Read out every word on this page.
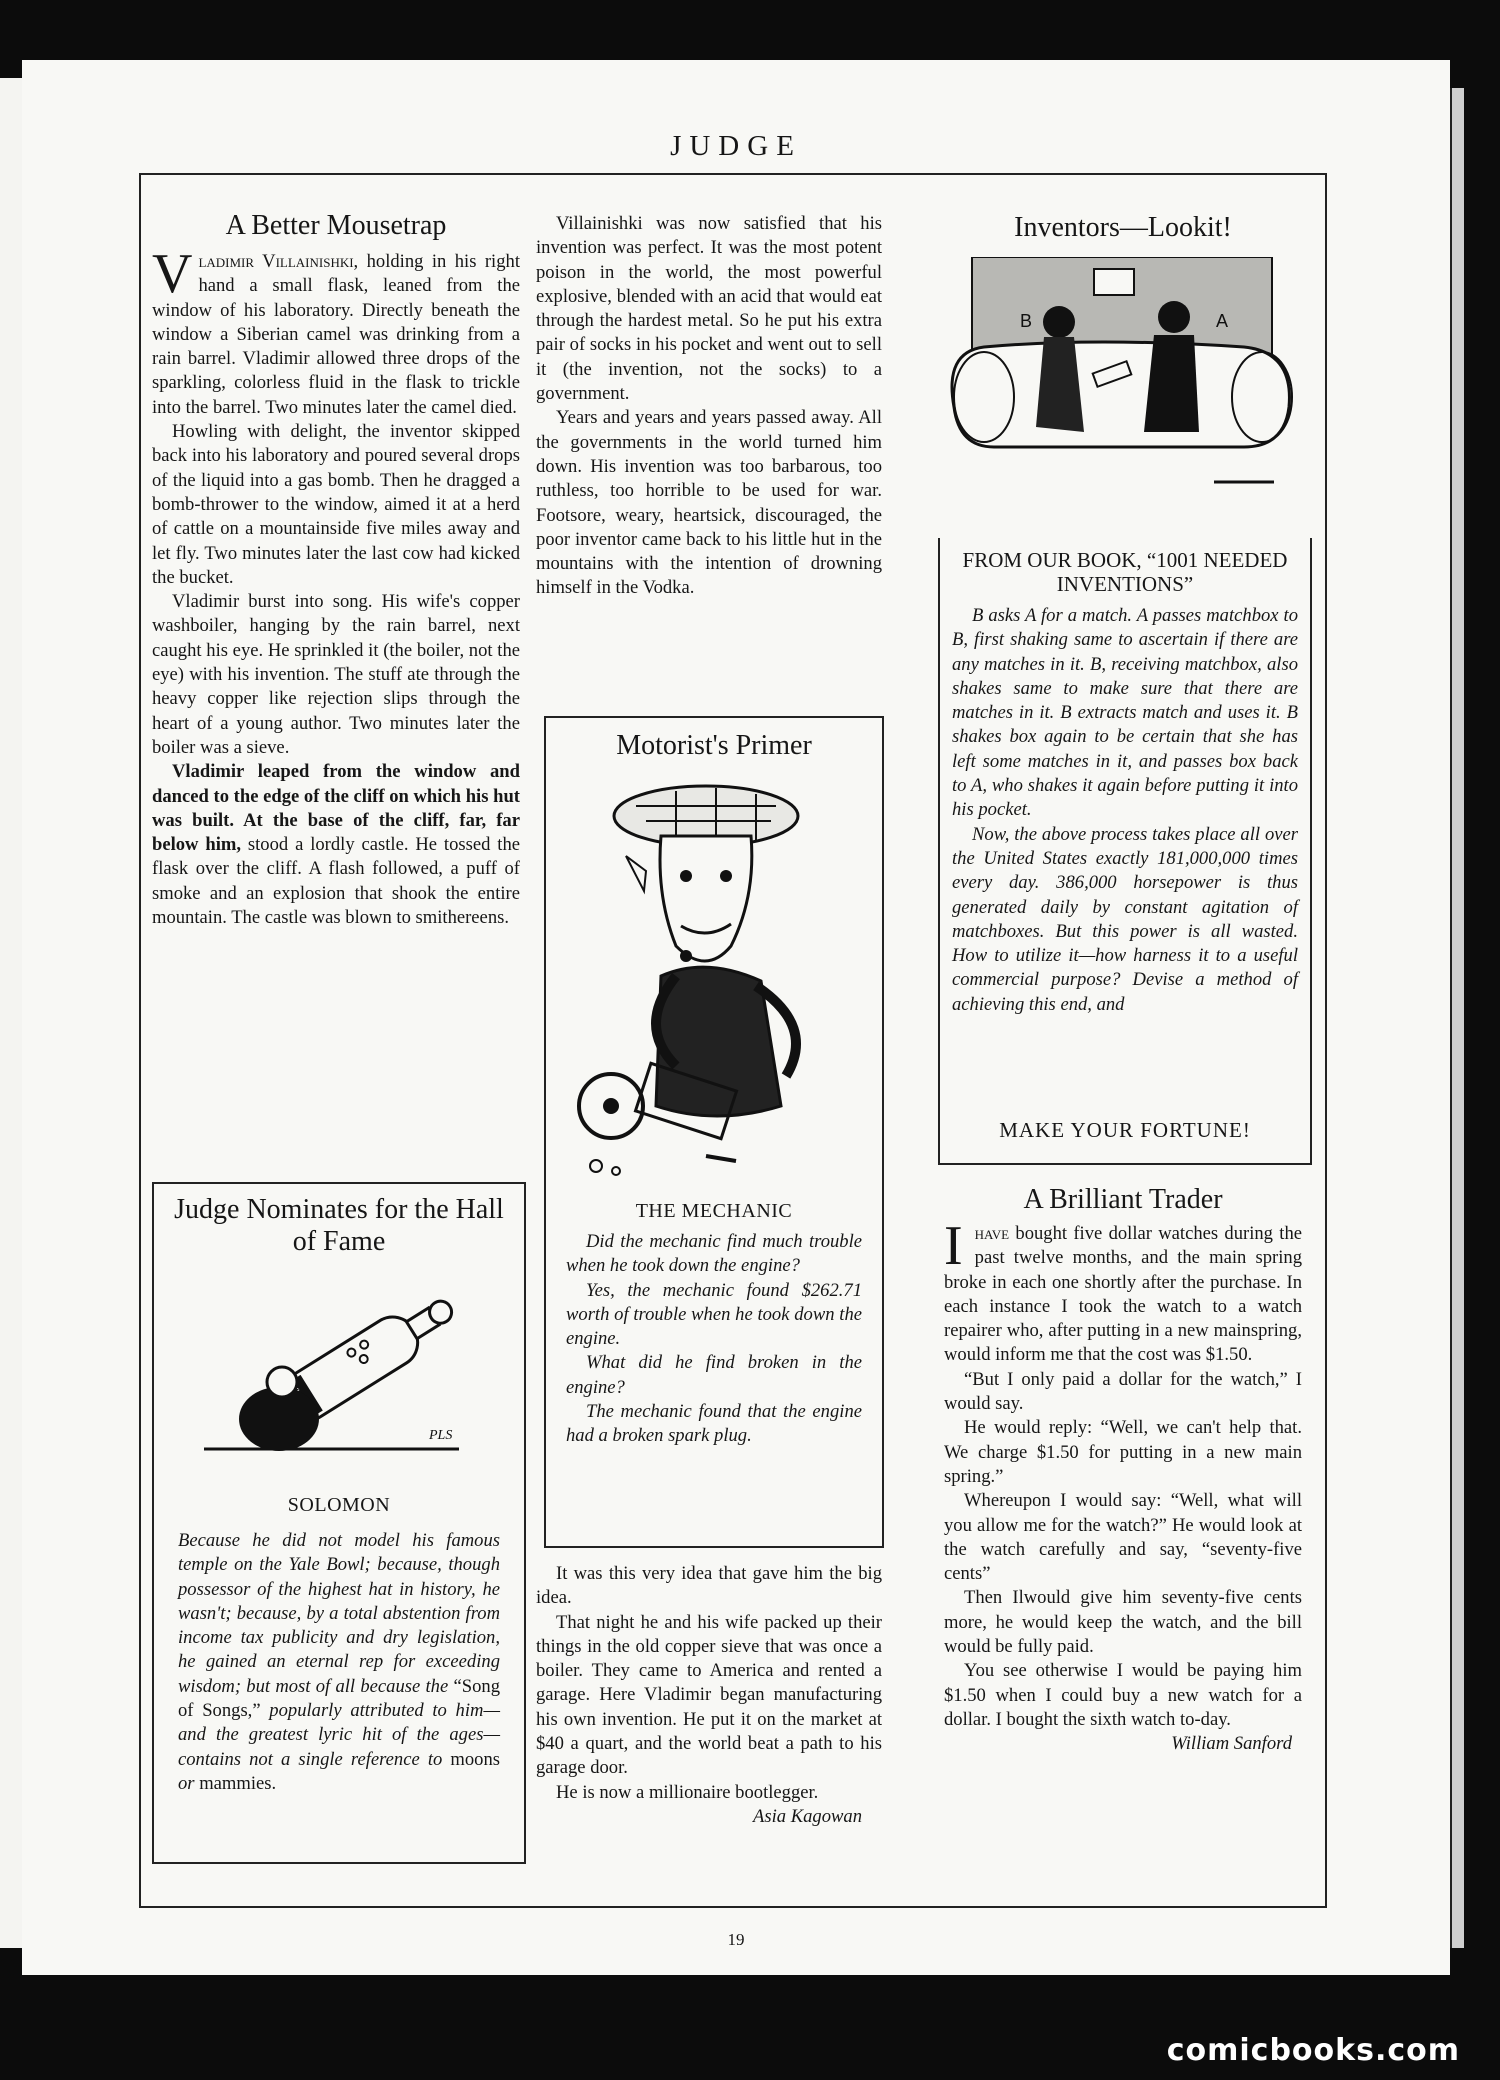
JUDGE
A Better Mousetrap

V ladimir Villainishki, holding in his right hand a small flask, leaned from the window of his laboratory. Directly beneath the window a Siberian camel was drinking from a rain barrel. Vladimir allowed three drops of the sparkling, colorless fluid in the flask to trickle into the barrel. Two minutes later the camel died.

Howling with delight, the inventor skipped back into his laboratory and poured several drops of the liquid into a gas bomb. Then he dragged a bomb-thrower to the window, aimed it at a herd of cattle on a mountainside five miles away and let fly. Two minutes later the last cow had kicked the bucket.

Vladimir burst into song. His wife's copper washboiler, hanging by the rain barrel, next caught his eye. He sprinkled it (the boiler, not the eye) with his invention. The stuff ate through the heavy copper like rejection slips through the heart of a young author. Two minutes later the boiler was a sieve.

Vladimir leaped from the window and danced to the edge of the cliff on which his hut was built. At the base of the cliff, far, far below him, stood a lordly castle. He tossed the flask over the cliff. A flash followed, a puff of smoke and an explosion that shook the entire mountain. The castle was blown to smithereens.

Judge Nominates for the Hall of Fame
PLS
SOLOMON

Because he did not model his famous temple on the Yale Bowl; because, though possessor of the highest hat in history, he wasn't; because, by a total abstention from income tax publicity and dry legislation, he gained an eternal rep for exceeding wisdom; but most of all because the “Song of Songs,” popularly attributed to him—and the greatest lyric hit of the ages—contains not a single reference to moons or mammies.

Villainishki was now satisfied that his invention was perfect. It was the most potent poison in the world, the most powerful explosive, blended with an acid that would eat through the hardest metal. So he put his extra pair of socks in his pocket and went out to sell it (the invention, not the socks) to a government.

Years and years and years passed away. All the governments in the world turned him down. His invention was too barbarous, too ruthless, too horrible to be used for war. Footsore, weary, heartsick, discouraged, the poor inventor came back to his little hut in the mountains with the intention of drowning himself in the Vodka.

Motorist's Primer
THE MECHANIC

Did the mechanic find much trouble when he took down the engine?

Yes, the mechanic found $262.71 worth of trouble when he took down the engine.

What did he find broken in the engine?

The mechanic found that the engine had a broken spark plug.

It was this very idea that gave him the big idea.

That night he and his wife packed up their things in the old copper sieve that was once a boiler. They came to America and rented a garage. Here Vladimir began manufacturing his own invention. He put it on the market at $40 a quart, and the world beat a path to his garage door.

He is now a millionaire bootlegger.

Asia Kagowan
Inventors—Lookit!
B	A
FROM OUR BOOK, “1001 NEEDED INVENTIONS”

B asks A for a match. A passes matchbox to B, first shaking same to ascertain if there are any matches in it. B, receiving matchbox, also shakes same to make sure that there are matches in it. B extracts match and uses it. B shakes box again to be certain that she has left some matches in it, and passes box back to A, who shakes it again before putting it into his pocket.

Now, the above process takes place all over the United States exactly 181,000,000 times every day. 386,000 horsepower is thus generated daily by constant agitation of matchboxes. But this power is all wasted. How to utilize it—how harness it to a useful commercial purpose? Devise a method of achieving this end, and

MAKE YOUR FORTUNE!
A Brilliant Trader

I have bought five dollar watches during the past twelve months, and the main spring broke in each one shortly after the purchase. In each instance I took the watch to a watch repairer who, after putting in a new mainspring, would inform me that the cost was $1.50.

“But I only paid a dollar for the watch,” I would say.

He would reply: “Well, we can't help that. We charge $1.50 for putting in a new main spring.”

Whereupon I would say: “Well, what will you allow me for the watch?” He would look at the watch carefully and say, “seventy-five cents”

Then Ilwould give him seventy-five cents more, he would keep the watch, and the bill would be fully paid.

You see otherwise I would be paying him $1.50 when I could buy a new watch for a dollar. I bought the sixth watch to-day.

William Sanford
19
comicbooks.com
